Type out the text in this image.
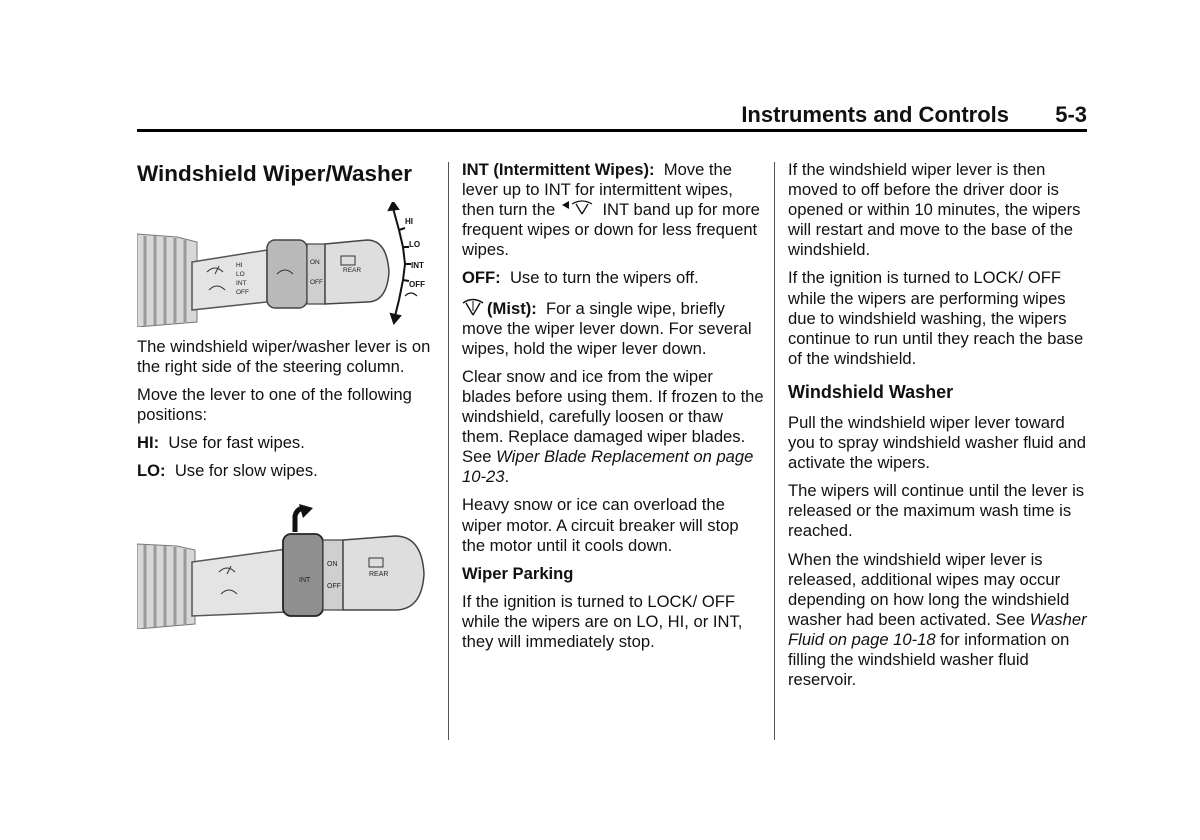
Instruments and Controls 5-3
Windshield Wiper/Washer
HI
LO
INT
OFF
ON
OFF
REAR
HI
LO
INT
OFF

The windshield wiper/washer lever is on the right side of the steering column.

Move the lever to one of the following positions:

HI: Use for fast wipes.

LO: Use for slow wipes.

ON
OFF
REAR
INT

INT (Intermittent Wipes): Move the lever up to INT for intermittent wipes, then turn the	INT band up for more frequent wipes or down for less frequent wipes.

OFF: Use to turn the wipers off.

(Mist): For a single wipe, briefly move the wiper lever down. For several wipes, hold the wiper lever down.

Clear snow and ice from the wiper blades before using them. If frozen to the windshield, carefully loosen or thaw them. Replace damaged wiper blades. See Wiper Blade Replacement on page 10-23.

Heavy snow or ice can overload the wiper motor. A circuit breaker will stop the motor until it cools down.

Wiper Parking

If the ignition is turned to LOCK/ OFF while the wipers are on LO, HI, or INT, they will immediately stop.

If the windshield wiper lever is then moved to off before the driver door is opened or within 10 minutes, the wipers will restart and move to the base of the windshield.

If the ignition is turned to LOCK/ OFF while the wipers are performing wipes due to windshield washing, the wipers continue to run until they reach the base of the windshield.

Windshield Washer

Pull the windshield wiper lever toward you to spray windshield washer fluid and activate the wipers.

The wipers will continue until the lever is released or the maximum wash time is reached.

When the windshield wiper lever is released, additional wipes may occur depending on how long the windshield washer had been activated. See Washer Fluid on page 10-18 for information on filling the windshield washer fluid reservoir.
